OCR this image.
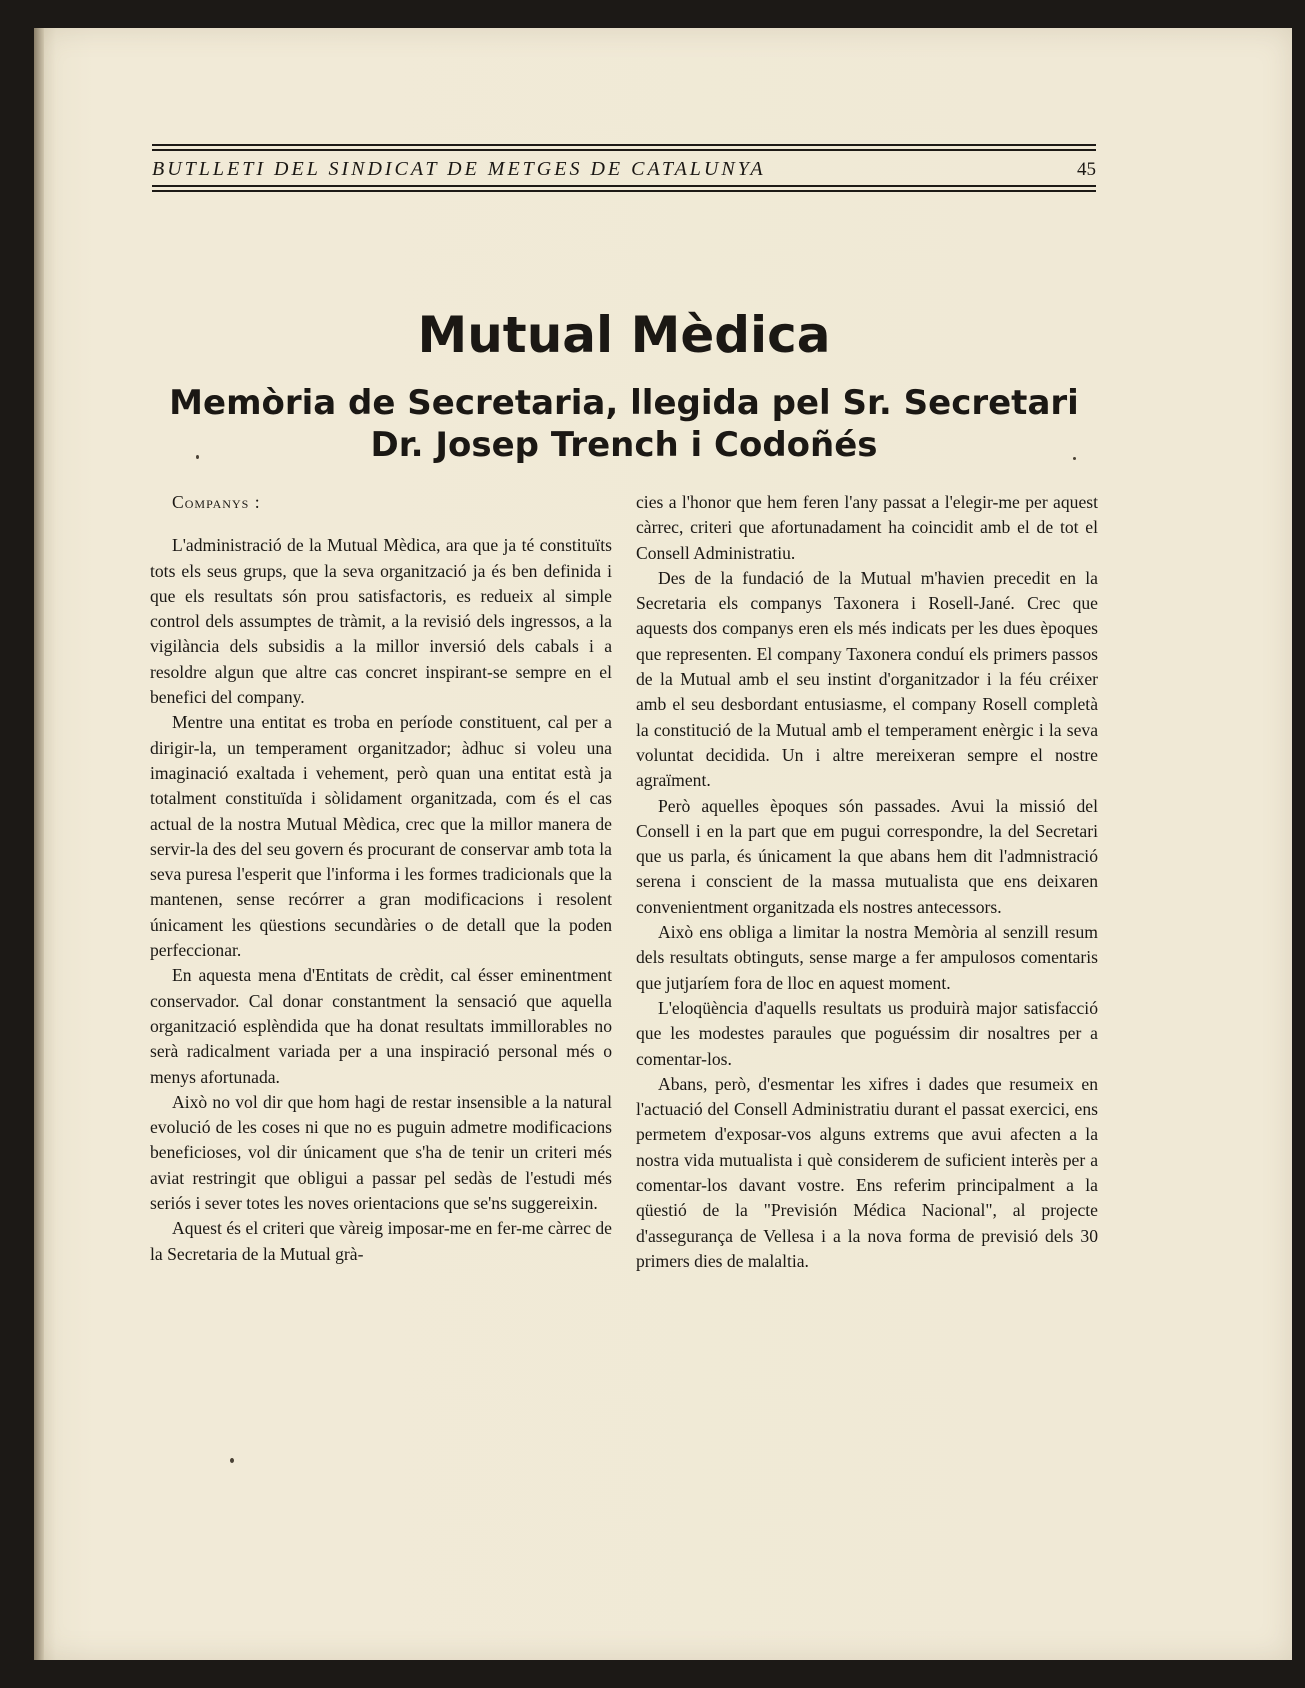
BUTLLETI DEL SINDICAT DE METGES DE CATALUNYA	45
Mutual Mèdica
Memòria de Secretaria, llegida pel Sr. Secretari
Dr. Josep Trench i Codoñés

Companys :

L'administració de la Mutual Mèdica, ara que ja té constituïts tots els seus grups, que la seva organització ja és ben definida i que els resultats són prou satisfactoris, es redueix al simple control dels assumptes de tràmit, a la revisió dels ingressos, a la vigilància dels subsidis a la millor inversió dels cabals i a resoldre algun que altre cas concret inspirant-se sempre en el benefici del company.

Mentre una entitat es troba en període constituent, cal per a dirigir-la, un temperament organitzador; àdhuc si voleu una imaginació exaltada i vehement, però quan una entitat està ja totalment constituïda i sòlidament organitzada, com és el cas actual de la nostra Mutual Mèdica, crec que la millor manera de servir-la des del seu govern és procurant de conservar amb tota la seva puresa l'esperit que l'informa i les formes tradicionals que la mantenen, sense recórrer a gran modificacions i resolent únicament les qüestions secundàries o de detall que la poden perfeccionar.

En aquesta mena d'Entitats de crèdit, cal ésser eminentment conservador. Cal donar constantment la sensació que aquella organització esplèndida que ha donat resultats immillorables no serà radicalment variada per a una inspiració personal més o menys afortunada.

Això no vol dir que hom hagi de restar insensible a la natural evolució de les coses ni que no es puguin admetre modificacions beneficioses, vol dir únicament que s'ha de tenir un criteri més aviat restringit que obligui a passar pel sedàs de l'estudi més seriós i sever totes les noves orientacions que se'ns suggereixin.

Aquest és el criteri que vàreig imposar-me en fer-me càrrec de la Secretaria de la Mutual grà-

cies a l'honor que hem feren l'any passat a l'elegir-me per aquest càrrec, criteri que afortunadament ha coincidit amb el de tot el Consell Administratiu.

Des de la fundació de la Mutual m'havien precedit en la Secretaria els companys Taxonera i Rosell-Jané. Crec que aquests dos companys eren els més indicats per les dues èpoques que representen. El company Taxonera conduí els primers passos de la Mutual amb el seu instint d'organitzador i la féu créixer amb el seu desbordant entusiasme, el company Rosell completà la constitució de la Mutual amb el temperament enèrgic i la seva voluntat decidida. Un i altre mereixeran sempre el nostre agraïment.

Però aquelles èpoques són passades. Avui la missió del Consell i en la part que em pugui correspondre, la del Secretari que us parla, és únicament la que abans hem dit l'admnistració serena i conscient de la massa mutualista que ens deixaren convenientment organitzada els nostres antecessors.

Això ens obliga a limitar la nostra Memòria al senzill resum dels resultats obtinguts, sense marge a fer ampulosos comentaris que jutjaríem fora de lloc en aquest moment.

L'eloqüència d'aquells resultats us produirà major satisfacció que les modestes paraules que poguéssim dir nosaltres per a comentar-los.

Abans, però, d'esmentar les xifres i dades que resumeix en l'actuació del Consell Administratiu durant el passat exercici, ens permetem d'exposar-vos alguns extrems que avui afecten a la nostra vida mutualista i què considerem de suficient interès per a comentar-los davant vostre. Ens referim principalment a la qüestió de la "Previsión Médica Nacional", al projecte d'assegurança de Vellesa i a la nova forma de previsió dels 30 primers dies de malaltia.
